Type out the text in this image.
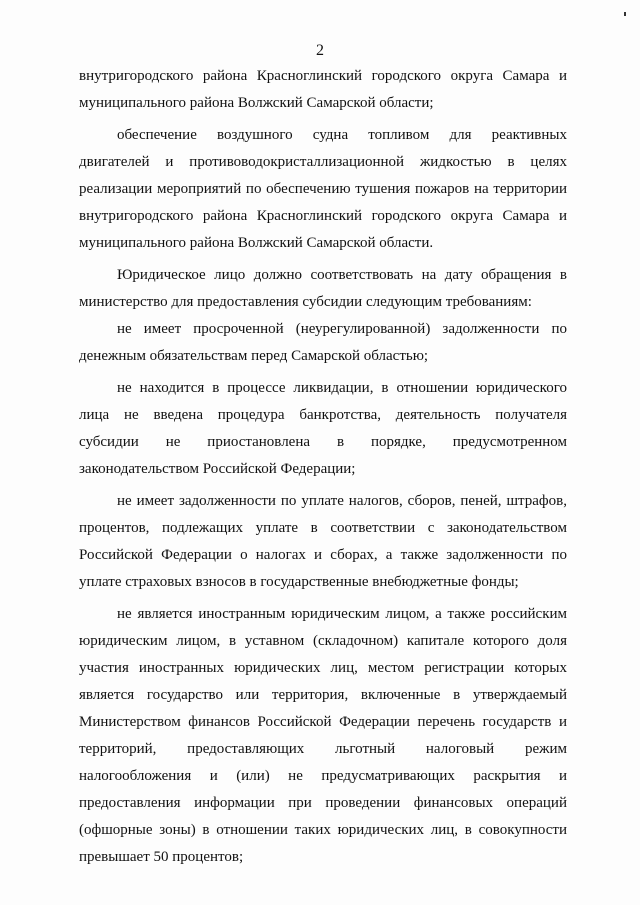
2
внутригородского района Красноглинский городского округа Самара и
муниципального района Волжский Самарской области;
обеспечение воздушного судна топливом для реактивных
двигателей и противоводокристаллизационной жидкостью в целях
реализации мероприятий по обеспечению тушения пожаров на территории
внутригородского района Красноглинский городского округа Самара и
муниципального района Волжский Самарской области.
Юридическое лицо должно соответствовать на дату обращения в
министерство для предоставления субсидии следующим требованиям:
не имеет просроченной (неурегулированной) задолженности по
денежным обязательствам перед Самарской областью;
не находится в процессе ликвидации, в отношении юридического
лица не введена процедура банкротства, деятельность получателя
субсидии не приостановлена в порядке, предусмотренном
законодательством Российской Федерации;
не имеет задолженности по уплате налогов, сборов, пеней, штрафов,
процентов, подлежащих уплате в соответствии с законодательством
Российской Федерации о налогах и сборах, а также задолженности по
уплате страховых взносов в государственные внебюджетные фонды;
не является иностранным юридическим лицом, а также российским
юридическим лицом, в уставном (складочном) капитале которого доля
участия иностранных юридических лиц, местом регистрации которых
является государство или территория, включенные в утверждаемый
Министерством финансов Российской Федерации перечень государств и
территорий, предоставляющих льготный налоговый режим
налогообложения и (или) не предусматривающих раскрытия и
предоставления информации при проведении финансовых операций
(офшорные зоны) в отношении таких юридических лиц, в совокупности
превышает 50 процентов;
